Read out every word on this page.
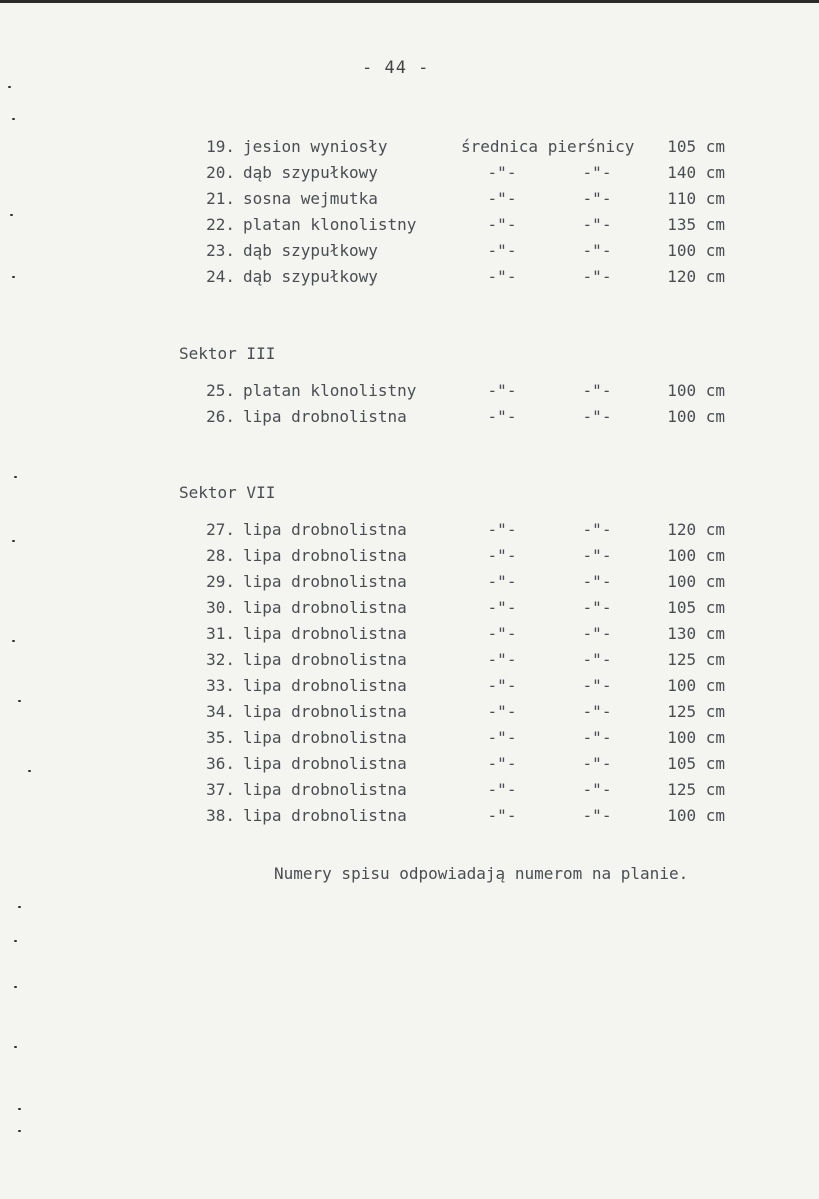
- 44 -
19. jesion wyniosły	średnica pierśnicy	105 cm
20. dąb szypułkowy	-"-	-"-	140 cm
21. sosna wejmutka	-"-	-"-	110 cm
22. platan klonolistny	-"-	-"-	135 cm
23. dąb szypułkowy	-"-	-"-	100 cm
24. dąb szypułkowy	-"-	-"-	120 cm
Sektor III
25. platan klonolistny	-"-	-"-	100 cm
26. lipa drobnolistna	-"-	-"-	100 cm
Sektor VII
27. lipa drobnolistna	-"-	-"-	120 cm
28. lipa drobnolistna	-"-	-"-	100 cm
29. lipa drobnolistna	-"-	-"-	100 cm
30. lipa drobnolistna	-"-	-"-	105 cm
31. lipa drobnolistna	-"-	-"-	130 cm
32. lipa drobnolistna	-"-	-"-	125 cm
33. lipa drobnolistna	-"-	-"-	100 cm
34. lipa drobnolistna	-"-	-"-	125 cm
35. lipa drobnolistna	-"-	-"-	100 cm
36. lipa drobnolistna	-"-	-"-	105 cm
37. lipa drobnolistna	-"-	-"-	125 cm
38. lipa drobnolistna	-"-	-"-	100 cm
Numery spisu odpowiadają numerom na planie.
